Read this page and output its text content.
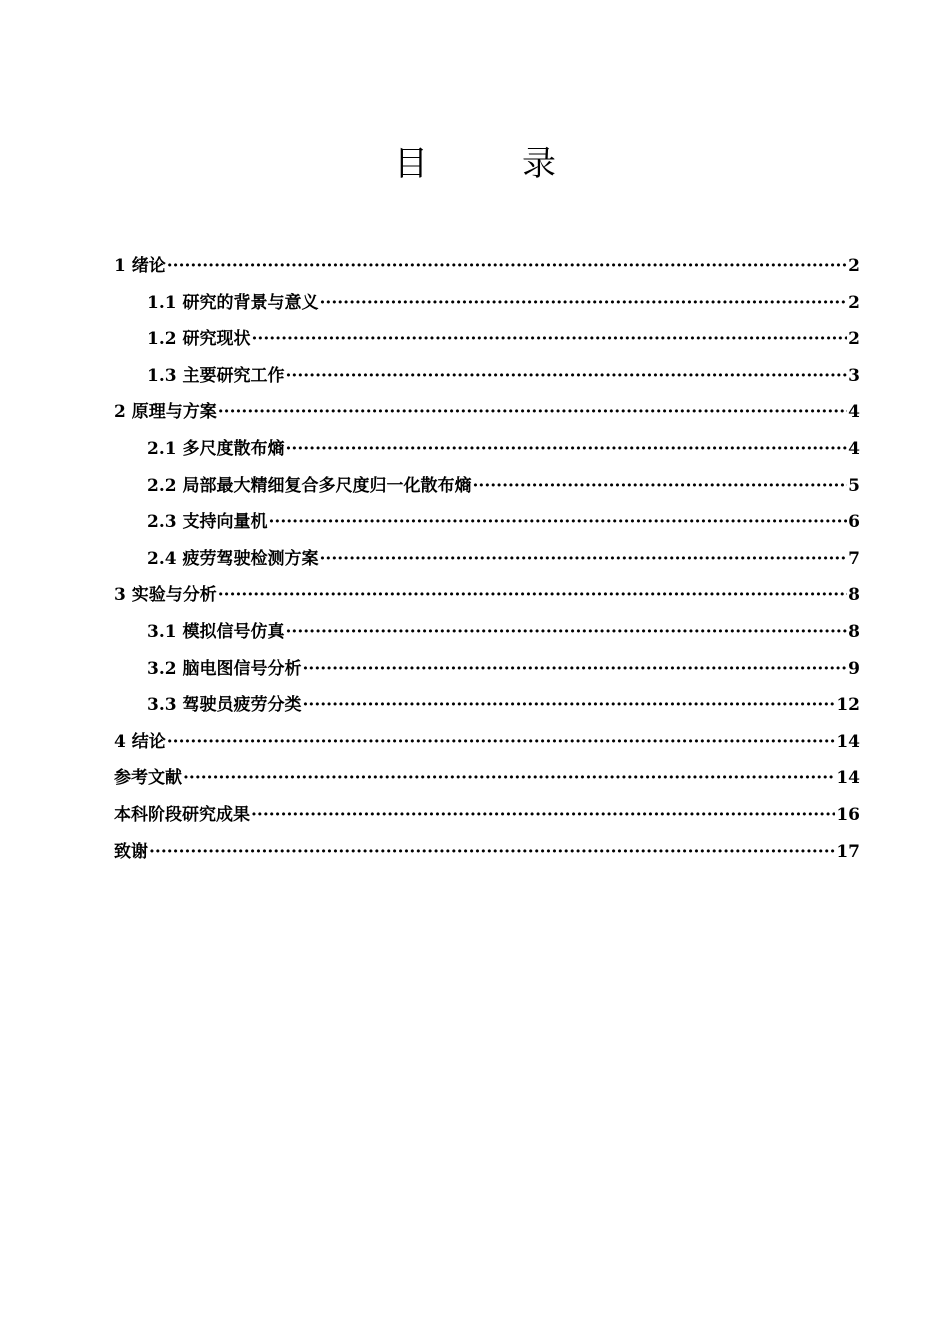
目　录
1 绪论 ·····	2
1.1 研究的背景与意义 ·····	2
1.2 研究现状 ·····	2
1.3 主要研究工作 ·····	3
2 原理与方案 ·····	4
2.1 多尺度散布熵 ·····	4
2.2 局部最大精细复合多尺度归一化散布熵 ·····	5
2.3 支持向量机 ·····	6
2.4 疲劳驾驶检测方案 ·····	7
3 实验与分析 ·····	8
3.1 模拟信号仿真 ·····	8
3.2 脑电图信号分析 ·····	9
3.3 驾驶员疲劳分类 ·····	12
4 结论 ·····	14
参考文献 ·····	14
本科阶段研究成果 ·····	16
致谢 ·····	17
